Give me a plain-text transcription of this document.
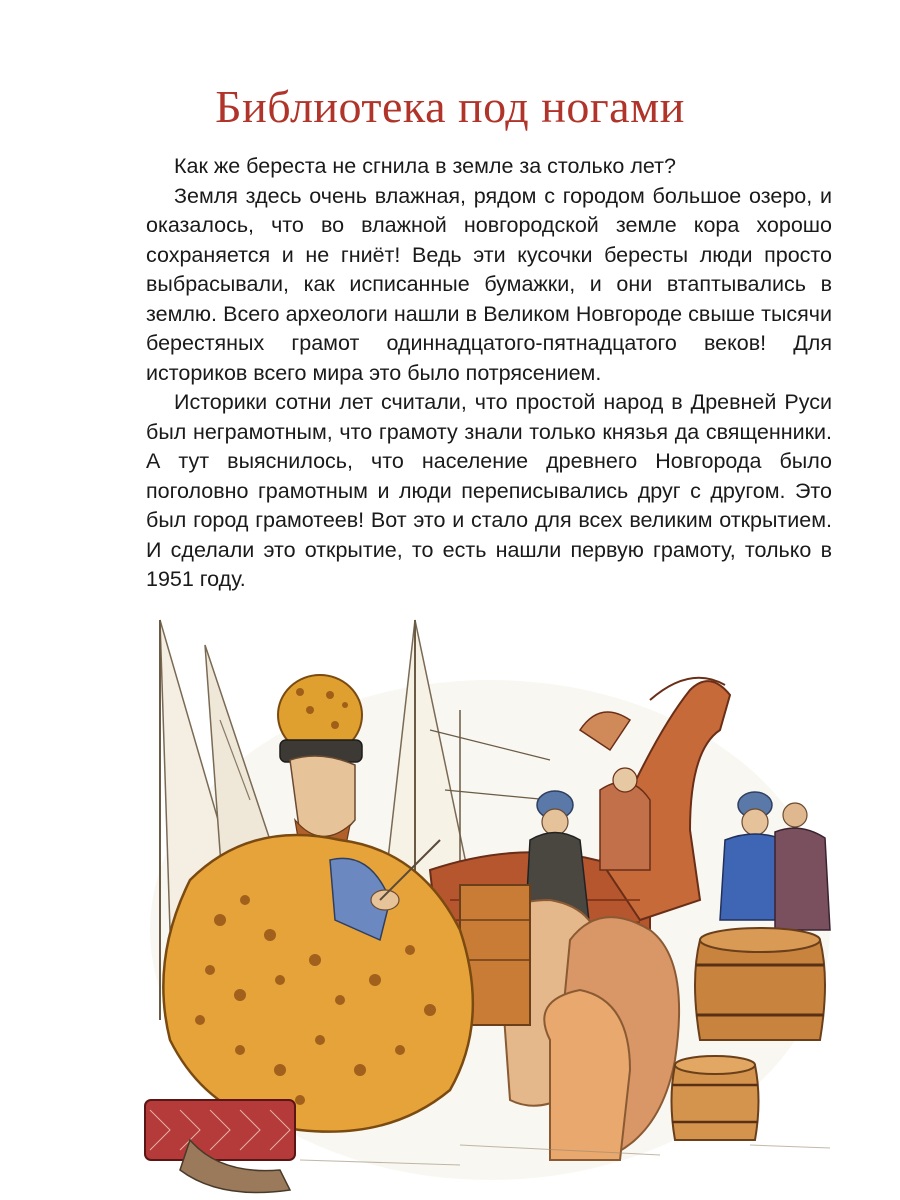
Библиотека под ногами

Как же береста не сгнила в земле за столько лет?

Земля здесь очень влажная, рядом с городом большое озеро, и оказалось, что во влажной новгородской земле кора хорошо сохраняется и не гниёт! Ведь эти кусочки бересты люди просто выбрасывали, как исписанные бумажки, и они втаптывались в землю. Всего археологи нашли в Великом Новгороде свыше тысячи берестяных грамот одиннадцатого-пятнадцатого веков! Для историков всего мира это было потрясением.

Историки сотни лет считали, что простой народ в Древней Руси был неграмотным, что грамоту знали только князья да священники. А тут выяснилось, что население древнего Новгорода было поголовно грамотным и люди переписывались друг с другом. Это был город грамотеев! Вот это и стало для всех великим открытием. И сделали это открытие, то есть нашли первую грамоту, только в 1951 году.
